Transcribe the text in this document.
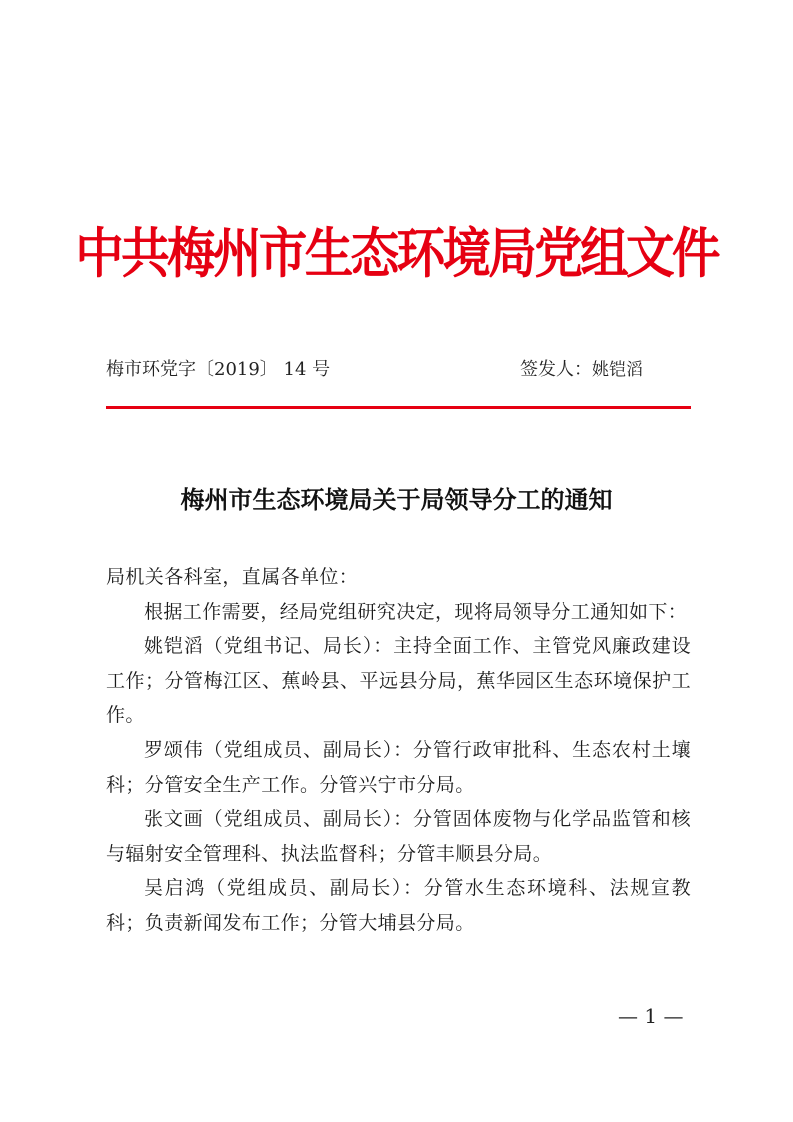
中共梅州市生态环境局党组文件
梅市环党字〔2019〕 14 号	签发人：姚铠滔
梅州市生态环境局关于局领导分工的通知

局机关各科室，直属各单位：

根据工作需要，经局党组研究决定，现将局领导分工通知如下：

姚铠滔（党组书记、局长）：主持全面工作、主管党风廉政建设工作；分管梅江区、蕉岭县、平远县分局，蕉华园区生态环境保护工作。

罗颂伟（党组成员、副局长）：分管行政审批科、生态农村土壤科；分管安全生产工作。分管兴宁市分局。

张文画（党组成员、副局长）：分管固体废物与化学品监管和核与辐射安全管理科、执法监督科；分管丰顺县分局。

吴启鸿（党组成员、副局长）：分管水生态环境科、法规宣教科；负责新闻发布工作；分管大埔县分局。

— 1 —
